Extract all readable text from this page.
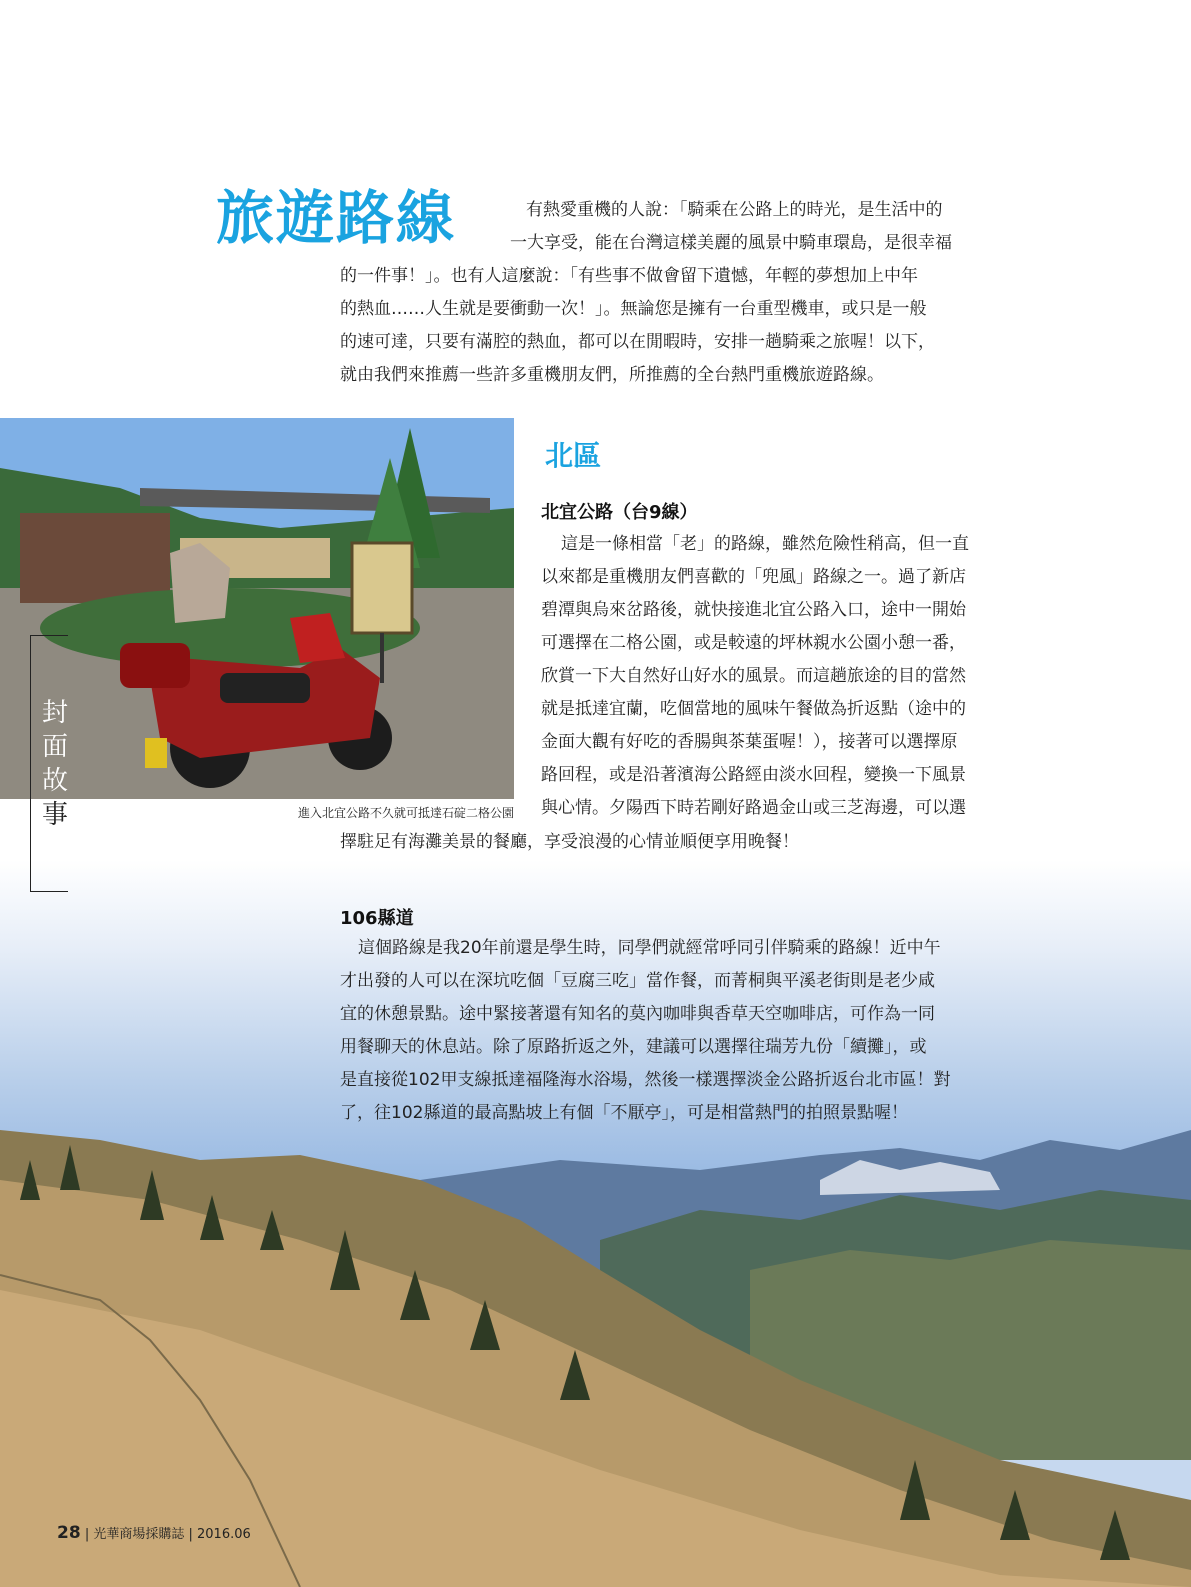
進入北宜公路不久就可抵達石碇二格公園
旅遊路線	有熱愛重機的人說：「騎乘在公路上的時光，是生活中的
一大享受，能在台灣這樣美麗的風景中騎車環島，是很幸福
的一件事！」。也有人這麼說：「有些事不做會留下遺憾，年輕的夢想加上中年
的熱血……人生就是要衝動一次！」。無論您是擁有一台重型機車，或只是一般
的速可達，只要有滿腔的熱血，都可以在閒暇時，安排一趟騎乘之旅喔！以下，
就由我們來推薦一些許多重機朋友們，所推薦的全台熱門重機旅遊路線。
北區
北宜公路（台9線）
這是一條相當「老」的路線，雖然危險性稍高，但一直
以來都是重機朋友們喜歡的「兜風」路線之一。過了新店
碧潭與烏來岔路後，就快接進北宜公路入口，途中一開始
可選擇在二格公園，或是較遠的坪林親水公園小憩一番，
欣賞一下大自然好山好水的風景。而這趟旅途的目的當然
就是抵達宜蘭，吃個當地的風味午餐做為折返點（途中的
金面大觀有好吃的香腸與茶葉蛋喔！），接著可以選擇原
路回程，或是沿著濱海公路經由淡水回程，變換一下風景
與心情。夕陽西下時若剛好路過金山或三芝海邊，可以選
擇駐足有海灘美景的餐廳，享受浪漫的心情並順便享用晚餐！
106縣道
這個路線是我20年前還是學生時，同學們就經常呼同引伴騎乘的路線！近中午
才出發的人可以在深坑吃個「豆腐三吃」當作餐，而菁桐與平溪老街則是老少咸
宜的休憩景點。途中緊接著還有知名的莫內咖啡與香草天空咖啡店，可作為一同
用餐聊天的休息站。除了原路折返之外，建議可以選擇往瑞芳九份「續攤」，或
是直接從102甲支線抵達福隆海水浴場，然後一樣選擇淡金公路折返台北市區！對
了，往102縣道的最高點坡上有個「不厭亭」，可是相當熱門的拍照景點喔！
封
面
故
事
28 | 光華商場採購誌 | 2016.06
